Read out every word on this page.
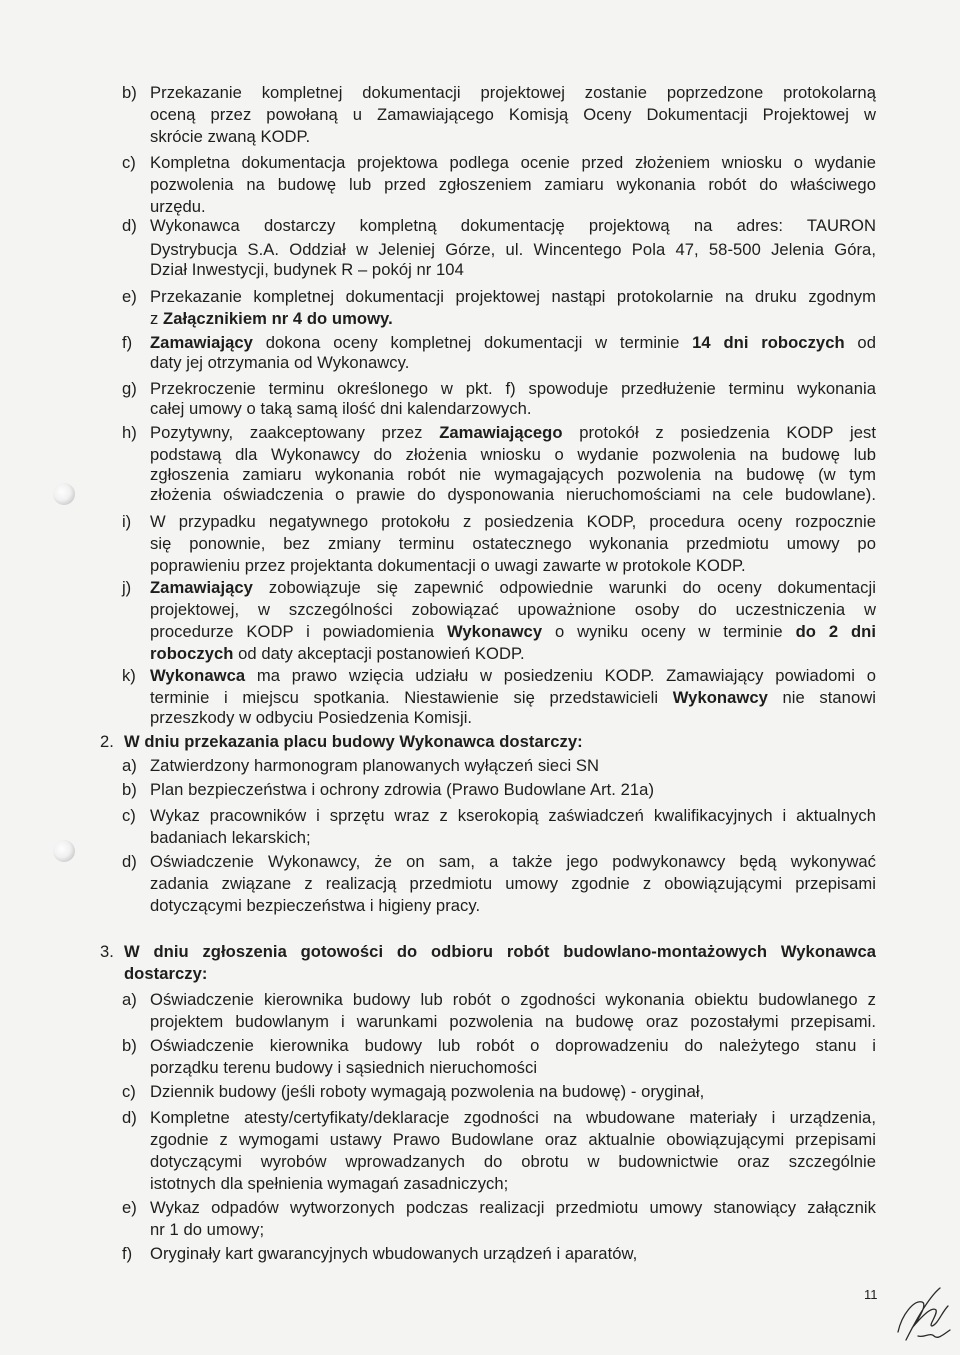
b) Przekazanie kompletnej dokumentacji projektowej zostanie poprzedzone protokolarną
oceną przez powołaną u Zamawiającego Komisją Oceny Dokumentacji Projektowej w
skrócie zwaną KODP.
c) Kompletna dokumentacja projektowa podlega ocenie przed złożeniem wniosku o wydanie
pozwolenia na budowę lub przed zgłoszeniem zamiaru wykonania robót do właściwego
urzędu.
d) Wykonawca dostarczy kompletną dokumentację projektową na adres: TAURON
Dystrybucja S.A. Oddział w Jeleniej Górze, ul. Wincentego Pola 47, 58-500 Jelenia Góra,
Dział Inwestycji, budynek R – pokój nr 104
e) Przekazanie kompletnej dokumentacji projektowej nastąpi protokolarnie na druku zgodnym
z Załącznikiem nr 4 do umowy.
f) Zamawiający dokona oceny kompletnej dokumentacji w terminie 14 dni roboczych od
daty jej otrzymania od Wykonawcy.
g) Przekroczenie terminu określonego w pkt. f) spowoduje przedłużenie terminu wykonania
całej umowy o taką samą ilość dni kalendarzowych.
h) Pozytywny, zaakceptowany przez Zamawiającego protokół z posiedzenia KODP jest
podstawą dla Wykonawcy do złożenia wniosku o wydanie pozwolenia na budowę lub
zgłoszenia zamiaru wykonania robót nie wymagających pozwolenia na budowę (w tym
złożenia oświadczenia o prawie do dysponowania nieruchomościami na cele budowlane).
i) W przypadku negatywnego protokołu z posiedzenia KODP, procedura oceny rozpocznie
się ponownie, bez zmiany terminu ostatecznego wykonania przedmiotu umowy po
poprawieniu przez projektanta dokumentacji o uwagi zawarte w protokole KODP.
j) Zamawiający zobowiązuje się zapewnić odpowiednie warunki do oceny dokumentacji
projektowej, w szczególności zobowiązać upoważnione osoby do uczestniczenia w
procedurze KODP i powiadomienia Wykonawcy o wyniku oceny w terminie do 2 dni
roboczych od daty akceptacji postanowień KODP.
k) Wykonawca ma prawo wzięcia udziału w posiedzeniu KODP. Zamawiający powiadomi o
terminie i miejscu spotkania. Niestawienie się przedstawicieli Wykonawcy nie stanowi
przeszkody w odbyciu Posiedzenia Komisji.
2. W dniu przekazania placu budowy Wykonawca dostarczy:
a) Zatwierdzony harmonogram planowanych wyłączeń sieci SN
b) Plan bezpieczeństwa i ochrony zdrowia (Prawo Budowlane Art. 21a)
c) Wykaz pracowników i sprzętu wraz z kserokopią zaświadczeń kwalifikacyjnych i aktualnych
badaniach lekarskich;
d) Oświadczenie Wykonawcy, że on sam, a także jego podwykonawcy będą wykonywać
zadania związane z realizacją przedmiotu umowy zgodnie z obowiązującymi przepisami
dotyczącymi bezpieczeństwa i higieny pracy.
3. W dniu zgłoszenia gotowości do odbioru robót budowlano-montażowych Wykonawca
dostarczy:
a) Oświadczenie kierownika budowy lub robót o zgodności wykonania obiektu budowlanego z
projektem budowlanym i warunkami pozwolenia na budowę oraz pozostałymi przepisami.
b) Oświadczenie kierownika budowy lub robót o doprowadzeniu do należytego stanu i
porządku terenu budowy i sąsiednich nieruchomości
c) Dziennik budowy (jeśli roboty wymagają pozwolenia na budowę) - oryginał,
d) Kompletne atesty/certyfikaty/deklaracje zgodności na wbudowane materiały i urządzenia,
zgodnie z wymogami ustawy Prawo Budowlane oraz aktualnie obowiązującymi przepisami
dotyczącymi wyrobów wprowadzanych do obrotu w budownictwie oraz szczególnie
istotnych dla spełnienia wymagań zasadniczych;
e) Wykaz odpadów wytworzonych podczas realizacji przedmiotu umowy stanowiący załącznik
nr 1 do umowy;
f) Oryginały kart gwarancyjnych wbudowanych urządzeń i aparatów,
11
